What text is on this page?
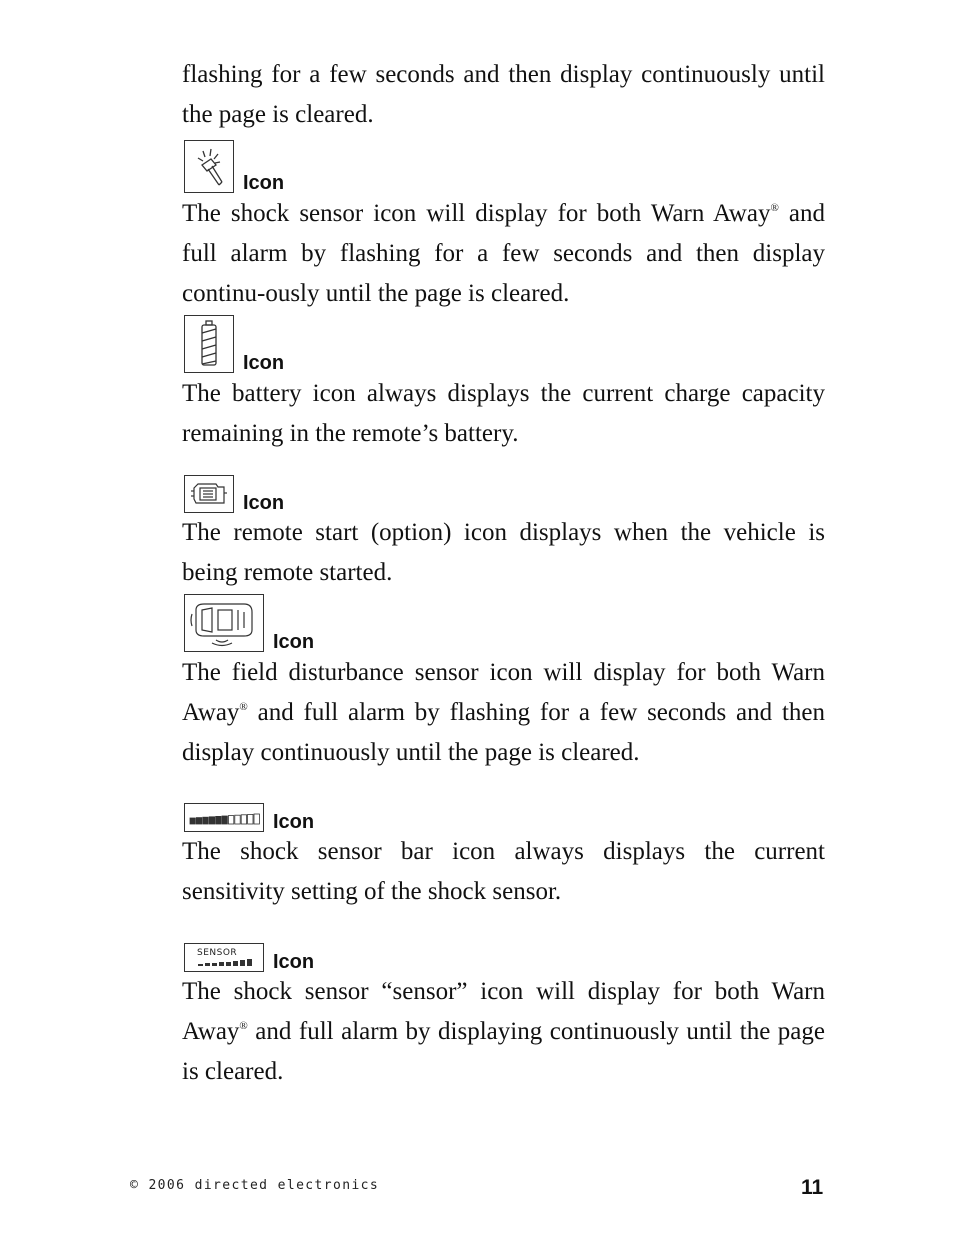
flashing for a few seconds and then display continuously until the page is cleared.

Icon

The shock sensor icon will display for both Warn Away® and full alarm by flashing for a few seconds and then display continu-ously until the page is cleared.

Icon

The battery icon always displays the current charge capacity remaining in the remote’s battery.

Icon

The remote start (option) icon displays when the vehicle is being remote started.

Icon

The field disturbance sensor icon will display for both Warn Away® and full alarm by flashing for a few seconds and then display continuously until the page is cleared.

Icon

The shock sensor bar icon always displays the current sensitivity setting of the shock sensor.

SENSOR Icon

The shock sensor “sensor” icon will display for both Warn Away® and full alarm by displaying continuously until the page is cleared.

© 2006 directed electronics	11
